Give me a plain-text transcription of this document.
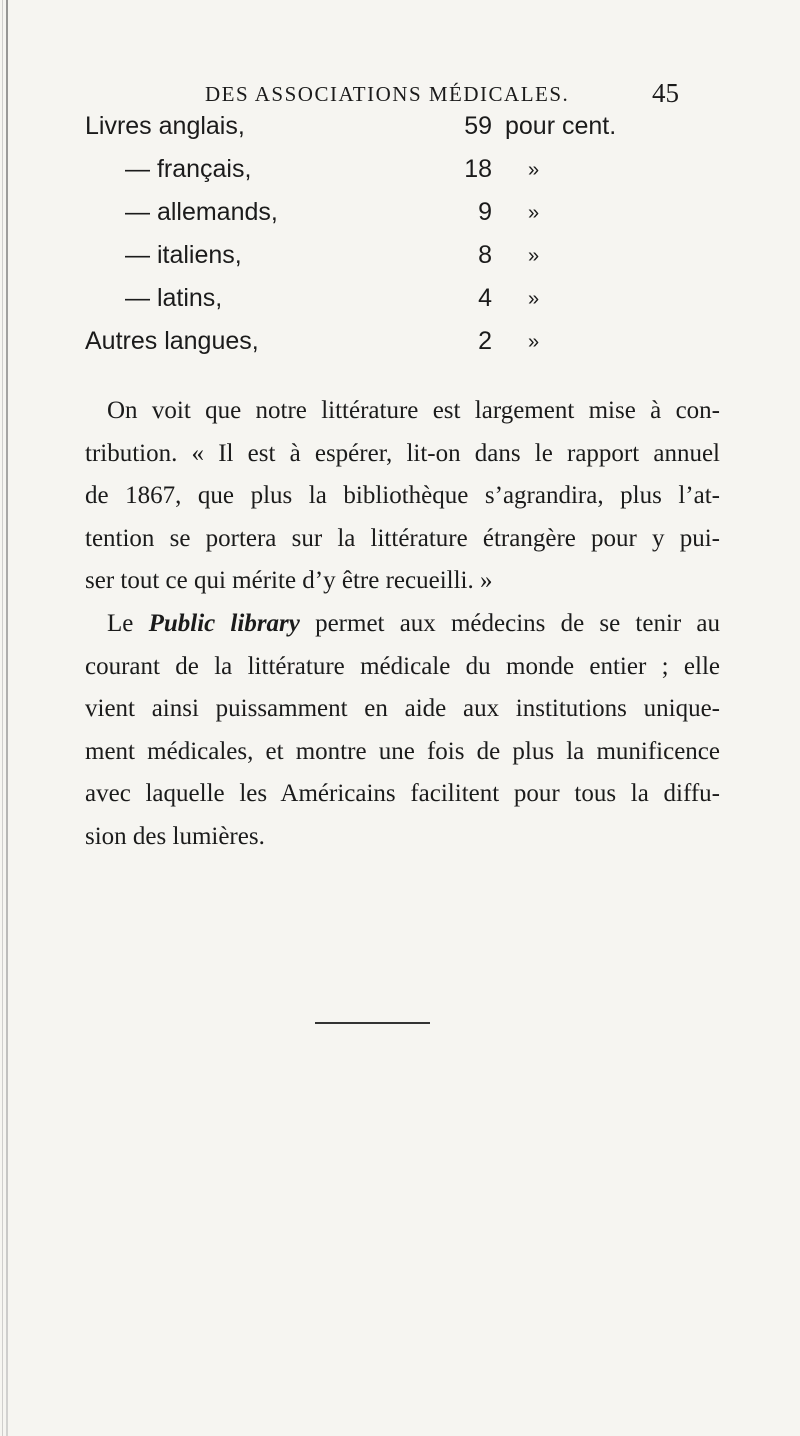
DES ASSOCIATIONS MÉDICALES.	45
Livres anglais,	59 pour cent.
— français,	18 »
— allemands,	9 »
— italiens,	8 »
— latins,	4 »
Autres langues,	2 »
On voit que notre littérature est largement mise à con-
tribution. « Il est à espérer, lit-on dans le rapport annuel
de 1867, que plus la bibliothèque s’agrandira, plus l’at-
tention se portera sur la littérature étrangère pour y pui-
ser tout ce qui mérite d’y être recueilli. »
Le Public library permet aux médecins de se tenir au
courant de la littérature médicale du monde entier ; elle
vient ainsi puissamment en aide aux institutions unique-
ment médicales, et montre une fois de plus la munificence
avec laquelle les Américains facilitent pour tous la diffu-
sion des lumières.
